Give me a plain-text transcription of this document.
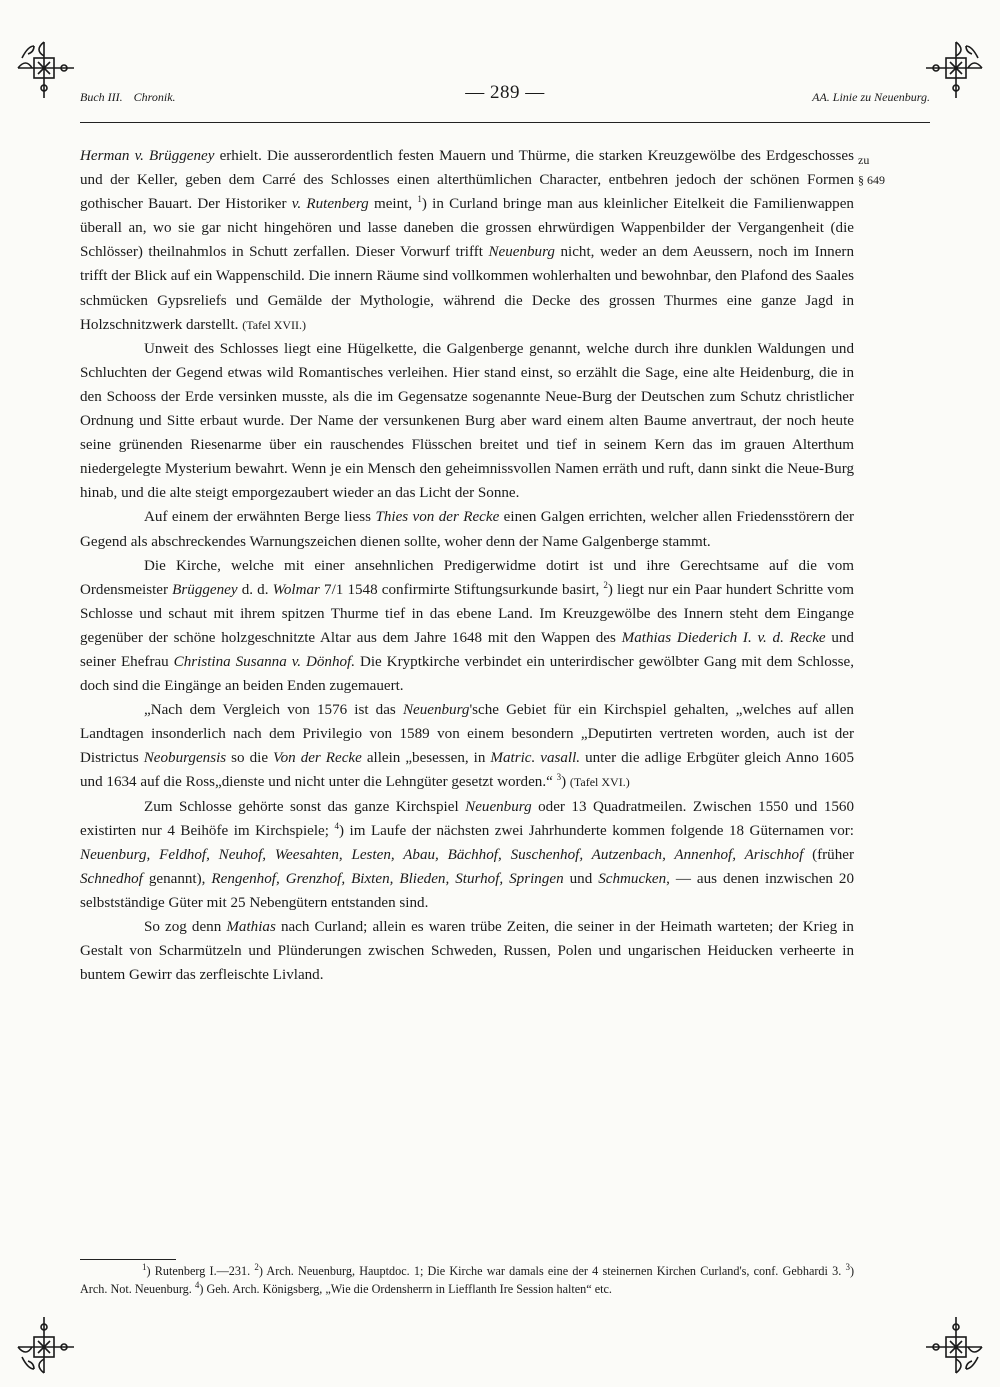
Buch III. Chronik.	— 289 —	AA. Linie zu Neuenburg.
zu
§ 649

Herman v. Brüggeney erhielt. Die ausserordentlich festen Mauern und Thürme, die starken Kreuzgewölbe des Erdgeschosses und der Keller, geben dem Carré des Schlosses einen alterthümlichen Character, entbehren jedoch der schönen Formen gothischer Bauart. Der Historiker v. Rutenberg meint, $^1$) in Curland bringe man aus kleinlicher Eitelkeit die Familienwappen überall an, wo sie gar nicht hingehören und lasse daneben die grossen ehrwürdigen Wappenbilder der Vergangenheit (die Schlösser) theilnahmlos in Schutt zerfallen. Dieser Vorwurf trifft Neuenburg nicht, weder an dem Aeussern, noch im Innern trifft der Blick auf ein Wappenschild. Die innern Räume sind vollkommen wohlerhalten und bewohnbar, den Plafond des Saales schmücken Gypsreliefs und Gemälde der Mythologie, während die Decke des grossen Thurmes eine ganze Jagd in Holzschnitzwerk darstellt. (Tafel XVII.)

Unweit des Schlosses liegt eine Hügelkette, die Galgenberge genannt, welche durch ihre dunklen Waldungen und Schluchten der Gegend etwas wild Romantisches verleihen. Hier stand einst, so erzählt die Sage, eine alte Heidenburg, die in den Schooss der Erde versinken musste, als die im Gegensatze sogenannte Neue-Burg der Deutschen zum Schutz christlicher Ordnung und Sitte erbaut wurde. Der Name der versunkenen Burg aber ward einem alten Baume anvertraut, der noch heute seine grünenden Riesenarme über ein rauschendes Flüsschen breitet und tief in seinem Kern das im grauen Alterthum niedergelegte Mysterium bewahrt. Wenn je ein Mensch den geheimnissvollen Namen erräth und ruft, dann sinkt die Neue-Burg hinab, und die alte steigt emporgezaubert wieder an das Licht der Sonne.

Auf einem der erwähnten Berge liess Thies von der Recke einen Galgen errichten, welcher allen Friedensstörern der Gegend als abschreckendes Warnungszeichen dienen sollte, woher denn der Name Galgenberge stammt.

Die Kirche, welche mit einer ansehnlichen Predigerwidme dotirt ist und ihre Gerechtsame auf die vom Ordensmeister Brüggeney d. d. Wolmar 7/1 1548 confirmirte Stiftungsurkunde basirt, $^2$) liegt nur ein Paar hundert Schritte vom Schlosse und schaut mit ihrem spitzen Thurme tief in das ebene Land. Im Kreuzgewölbe des Innern steht dem Eingange gegenüber der schöne holzgeschnitzte Altar aus dem Jahre 1648 mit den Wappen des Mathias Diederich I. v. d. Recke und seiner Ehefrau Christina Susanna v. Dönhof. Die Kryptkirche verbindet ein unterirdischer gewölbter Gang mit dem Schlosse, doch sind die Eingänge an beiden Enden zugemauert.

„Nach dem Vergleich von 1576 ist das Neuenburg'sche Gebiet für ein Kirchspiel gehalten, „welches auf allen Landtagen insonderlich nach dem Privilegio von 1589 von einem besondern „Deputirten vertreten worden, auch ist der Districtus Neoburgensis so die Von der Recke allein „besessen, in Matric. vasall. unter die adlige Erbgüter gleich Anno 1605 und 1634 auf die Ross„dienste und nicht unter die Lehngüter gesetzt worden.“ $^3$) (Tafel XVI.)

Zum Schlosse gehörte sonst das ganze Kirchspiel Neuenburg oder 13 Quadratmeilen. Zwischen 1550 und 1560 existirten nur 4 Beihöfe im Kirchspiele; $^4$) im Laufe der nächsten zwei Jahrhunderte kommen folgende 18 Güternamen vor: Neuenburg, Feldhof, Neuhof, Weesahten, Lesten, Abau, Bächhof, Suschenhof, Autzenbach, Annenhof, Arischhof (früher Schnedhof genannt), Rengenhof, Grenzhof, Bixten, Blieden, Sturhof, Springen und Schmucken, — aus denen inzwischen 20 selbstständige Güter mit 25 Nebengütern entstanden sind.

So zog denn Mathias nach Curland; allein es waren trübe Zeiten, die seiner in der Heimath warteten; der Krieg in Gestalt von Scharmützeln und Plünderungen zwischen Schweden, Russen, Polen und ungarischen Heiducken verheerte in buntem Gewirr das zerfleischte Livland.

$^1$) Rutenberg I.—231. $^2$) Arch. Neuenburg, Hauptdoc. 1; Die Kirche war damals eine der 4 steinernen Kirchen Curland's, conf. Gebhardi 3. $^3$) Arch. Not. Neuenburg. $^4$) Geh. Arch. Königsberg, „Wie die Ordensherrn in Liefflanth Ire Session halten“ etc.
